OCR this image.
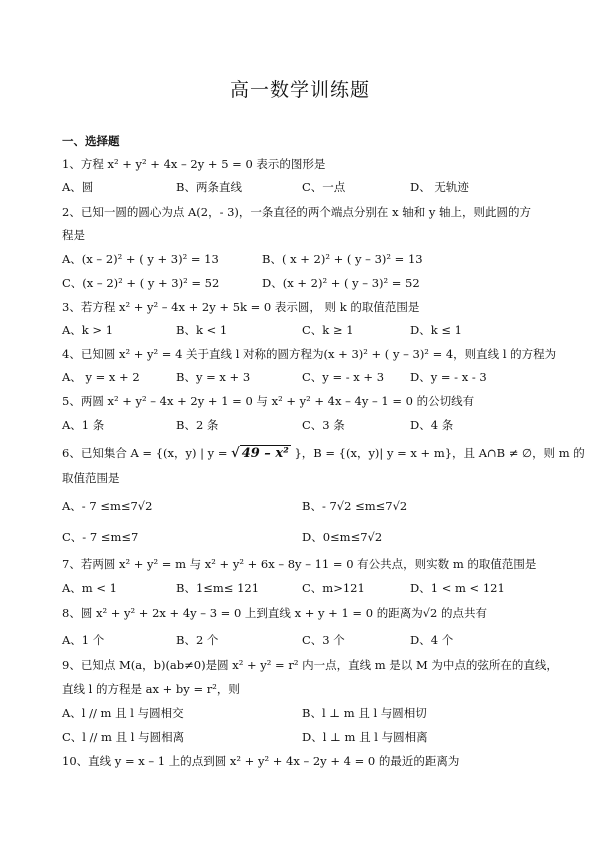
高一数学训练题
一、选择题
1、方程 x² + y² + 4x – 2y + 5 = 0 表示的图形是
A、圆	B、两条直线	C、一点	D、 无轨迹
2、已知一圆的圆心为点 A(2，- 3)，一条直径的两个端点分别在 x 轴和 y 轴上，则此圆的方
程是
A、(x – 2)² + ( y + 3)² = 13	B、( x + 2)² + ( y – 3)² = 13
C、(x – 2)² + ( y + 3)² = 52	D、(x + 2)² + ( y – 3)² = 52
3、若方程 x² + y² – 4x + 2y + 5k = 0 表示圆， 则 k 的取值范围是
A、k > 1	B、k < 1	C、k ≥ 1	D、k ≤ 1
4、已知圆 x² + y² = 4 关于直线 l 对称的圆方程为(x + 3)² + ( y – 3)² = 4，则直线 l 的方程为
A、 y = x + 2	B、y = x + 3	C、y = - x + 3 D、y = - x - 3
5、两圆 x² + y² – 4x + 2y + 1 = 0 与 x² + y² + 4x – 4y – 1 = 0 的公切线有
A、1 条	B、2 条	C、3 条	D、4 条
6、已知集合 A = {(x，y) | y = √ 49 – x² }，B = {(x，y)| y = x + m}，且 A∩B ≠ ∅，则 m 的
取值范围是
A、- 7 ≤m≤7√2	B、- 7√2 ≤m≤7√2
C、- 7 ≤m≤7	D、0≤m≤7√2
7、若两圆 x² + y² = m 与 x² + y² + 6x – 8y – 11 = 0 有公共点，则实数 m 的取值范围是
A、m < 1	B、1≤m≤ 121	C、m>121	D、1 < m < 121
8、圆 x² + y² + 2x + 4y – 3 = 0 上到直线 x + y + 1 = 0 的距离为√2 的点共有
A、1 个	B、2 个	C、3 个	D、4 个
9、已知点 M(a，b)(ab≠0)是圆 x² + y² = r² 内一点，直线 m 是以 M 为中点的弦所在的直线，
直线 l 的方程是 ax + by = r²，则
A、l // m 且 l 与圆相交	B、l ⊥ m 且 l 与圆相切
C、l // m 且 l 与圆相离	D、l ⊥ m 且 l 与圆相离
10、直线 y = x – 1 上的点到圆 x² + y² + 4x – 2y + 4 = 0 的最近的距离为
